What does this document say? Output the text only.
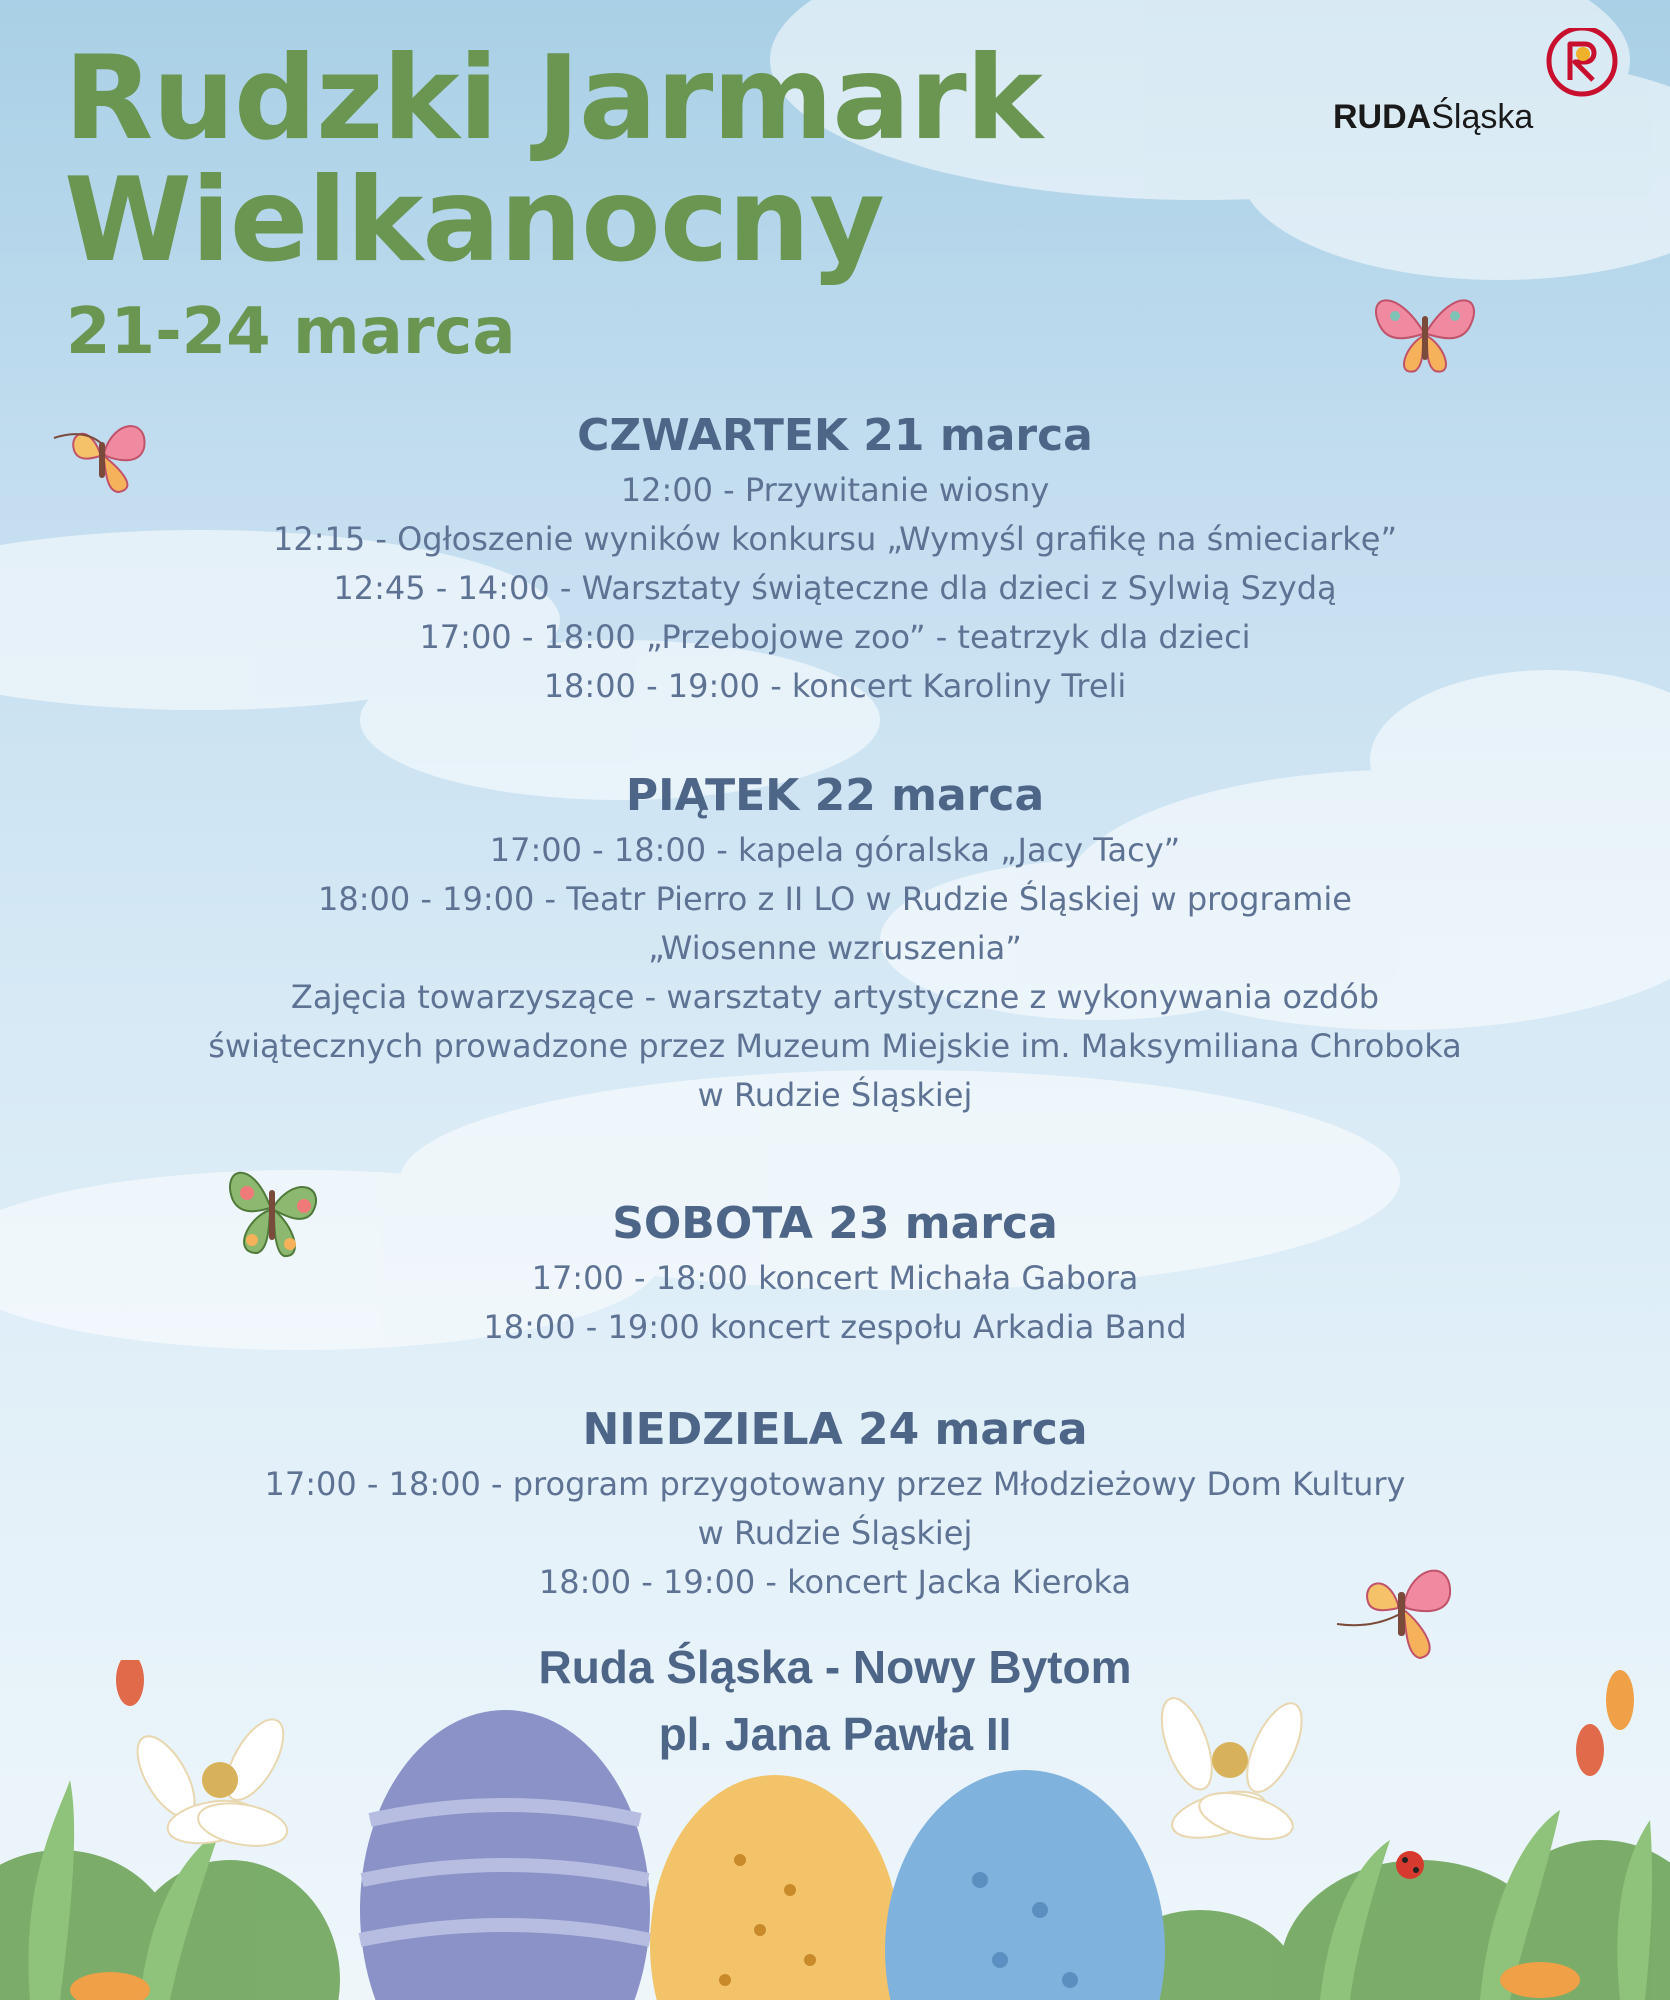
Rudzki Jarmark
Wielkanocny
21-24 marca
RUDAŚląska
CZWARTEK 21 marca

12:00 - Przywitanie wiosny

12:15 - Ogłoszenie wyników konkursu „Wymyśl grafikę na śmieciarkę”

12:45 - 14:00 - Warsztaty świąteczne dla dzieci z Sylwią Szydą

17:00 - 18:00 „Przebojowe zoo” - teatrzyk dla dzieci

18:00 - 19:00 - koncert Karoliny Treli

PIĄTEK 22 marca

17:00 - 18:00 - kapela góralska „Jacy Tacy”

18:00 - 19:00 - Teatr Pierro z II LO w Rudzie Śląskiej w programie

„Wiosenne wzruszenia”

Zajęcia towarzyszące - warsztaty artystyczne z wykonywania ozdób

świątecznych prowadzone przez Muzeum Miejskie im. Maksymiliana Chroboka

w Rudzie Śląskiej

SOBOTA 23 marca

17:00 - 18:00 koncert Michała Gabora

18:00 - 19:00 koncert zespołu Arkadia Band

NIEDZIELA 24 marca

17:00 - 18:00 - program przygotowany przez Młodzieżowy Dom Kultury

w Rudzie Śląskiej

18:00 - 19:00 - koncert Jacka Kieroka

Ruda Śląska - Nowy Bytom
pl. Jana Pawła II
